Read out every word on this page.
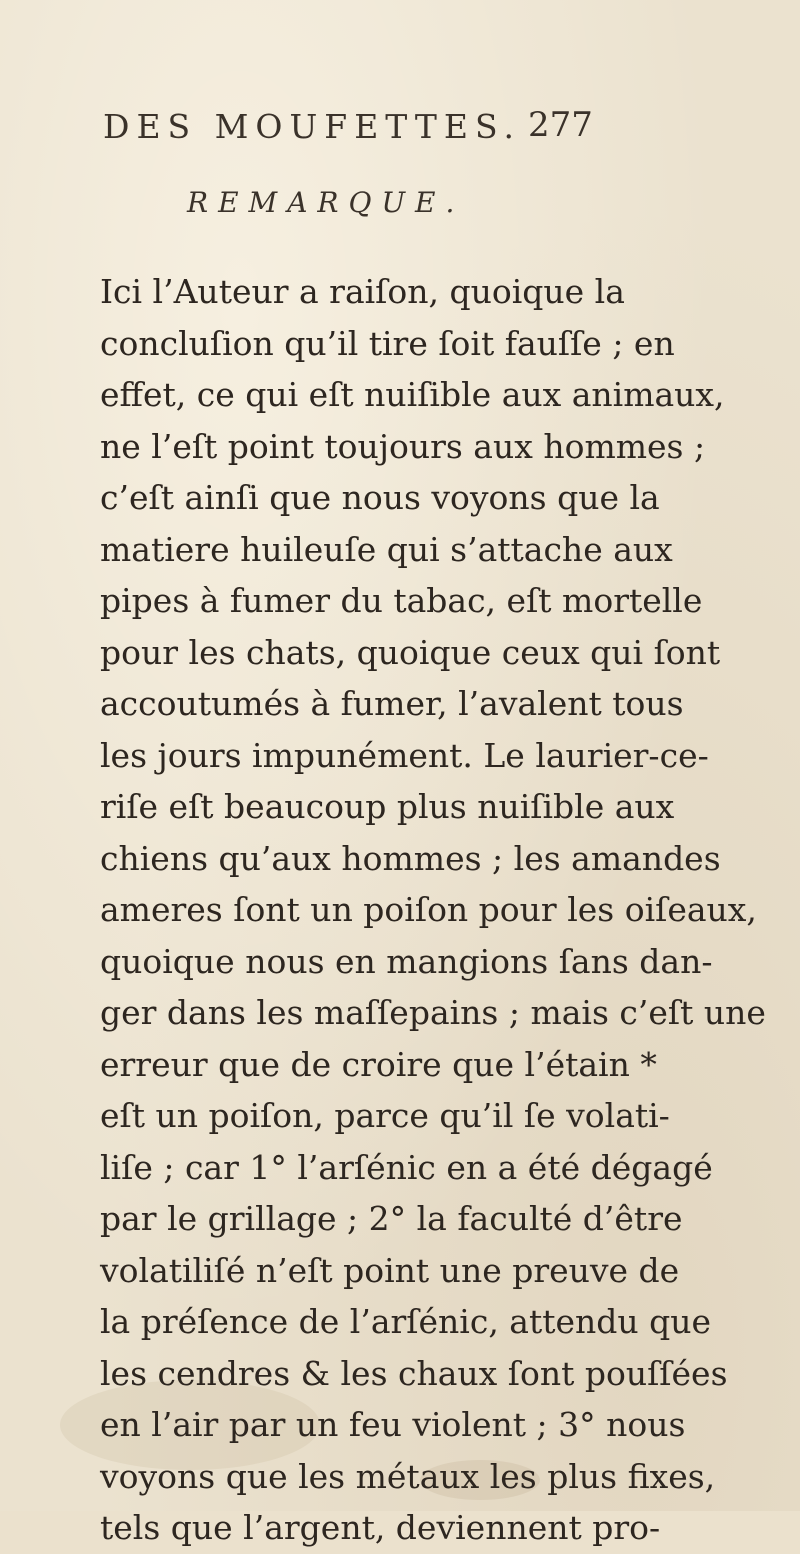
DES MOUFETTES. 277
REMARQUE.
Ici l’Auteur a raiſon, quoique la
concluſion qu’il tire ſoit fauſſe ; en
effet, ce qui eſt nuiſible aux animaux,
ne l’eſt point toujours aux hommes ;
c’eſt ainſi que nous voyons que la
matiere huileuſe qui s’attache aux
pipes à fumer du tabac, eſt mortelle
pour les chats, quoique ceux qui ſont
accoutumés à fumer, l’avalent tous
les jours impunément. Le laurier-ce-
riſe eſt beaucoup plus nuiſible aux
chiens qu’aux hommes ; les amandes
ameres ſont un poiſon pour les oiſeaux,
quoique nous en mangions ſans dan-
ger dans les maſſepains ; mais c’eſt une
erreur que de croire que l’étain *
eſt un poiſon, parce qu’il ſe volati-
liſe ; car 1° l’arſénic en a été dégagé
par le grillage ; 2° la faculté d’être
volatiliſé n’eſt point une preuve de
la préſence de l’arſénic, attendu que
les cendres & les chaux ſont pouſſées
en l’air par un feu violent ; 3° nous
voyons que les métaux les plus fixes,
tels que l’argent, deviennent pro-
